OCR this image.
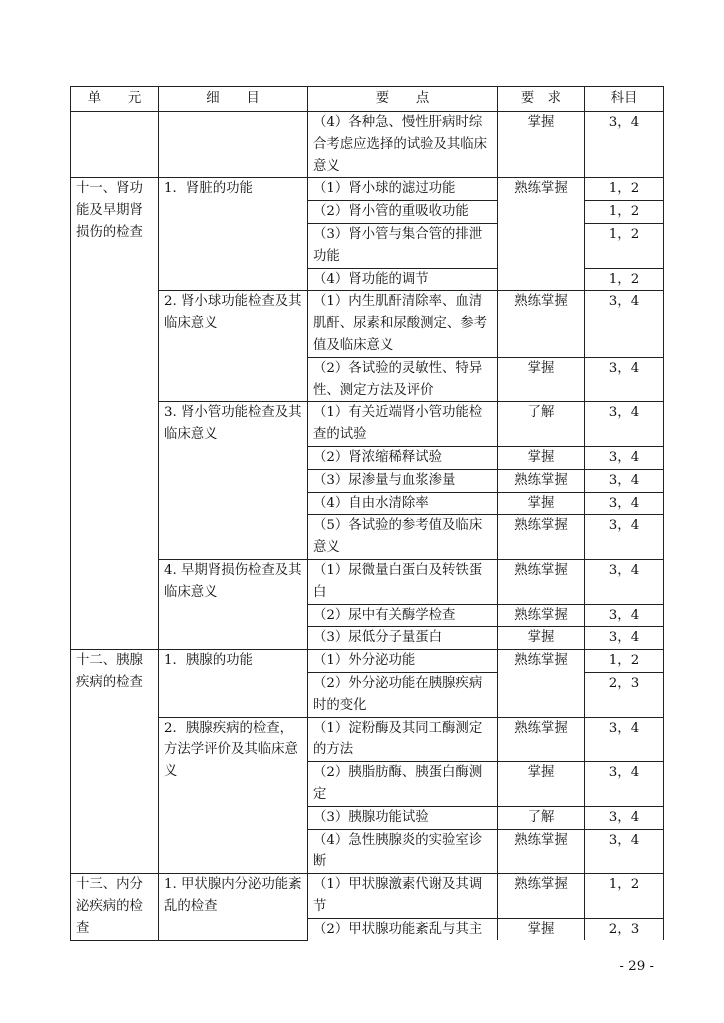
单　　元	细　　目	要　　点	要　求	科目
		（4）各种急、慢性肝病时综合考虑应选择的试验及其临床意义	掌握	3，4
十一、肾功能及早期肾损伤的检查	1．肾脏的功能	（1）肾小球的滤过功能	熟练掌握	1，2
		（2）肾小管的重吸收功能		1，2
		（3）肾小管与集合管的排泄功能		1，2
		（4）肾功能的调节		1，2
	2. 肾小球功能检查及其临床意义	（1）内生肌酐清除率、血清肌酐、尿素和尿酸测定、参考值及临床意义	熟练掌握	3，4
		（2）各试验的灵敏性、特异性、测定方法及评价	掌握	3，4
	3. 肾小管功能检查及其临床意义	（1）有关近端肾小管功能检查的试验	了解	3，4
		（2）肾浓缩稀释试验	掌握	3，4
		（3）尿渗量与血浆渗量	熟练掌握	3，4
		（4）自由水清除率	掌握	3，4
		（5）各试验的参考值及临床意义	熟练掌握	3，4
	4. 早期肾损伤检查及其临床意义	（1）尿微量白蛋白及转铁蛋白	熟练掌握	3，4
		（2）尿中有关酶学检查	熟练掌握	3，4
		（3）尿低分子量蛋白	掌握	3，4
十二、胰腺疾病的检查	1．胰腺的功能	（1）外分泌功能	熟练掌握	1，2
		（2）外分泌功能在胰腺疾病时的变化		2，3
	2．胰腺疾病的检查，方法学评价及其临床意义	（1）淀粉酶及其同工酶测定的方法	熟练掌握	3，4
		（2）胰脂肪酶、胰蛋白酶测定	掌握	3，4
		（3）胰腺功能试验	了解	3，4
		（4）急性胰腺炎的实验室诊断	熟练掌握	3，4
十三、内分泌疾病的检查	1. 甲状腺内分泌功能紊乱的检查	（1）甲状腺激素代谢及其调节	熟练掌握	1，2
		（2）甲状腺功能紊乱与其主	掌握	2，3
- 29 -
